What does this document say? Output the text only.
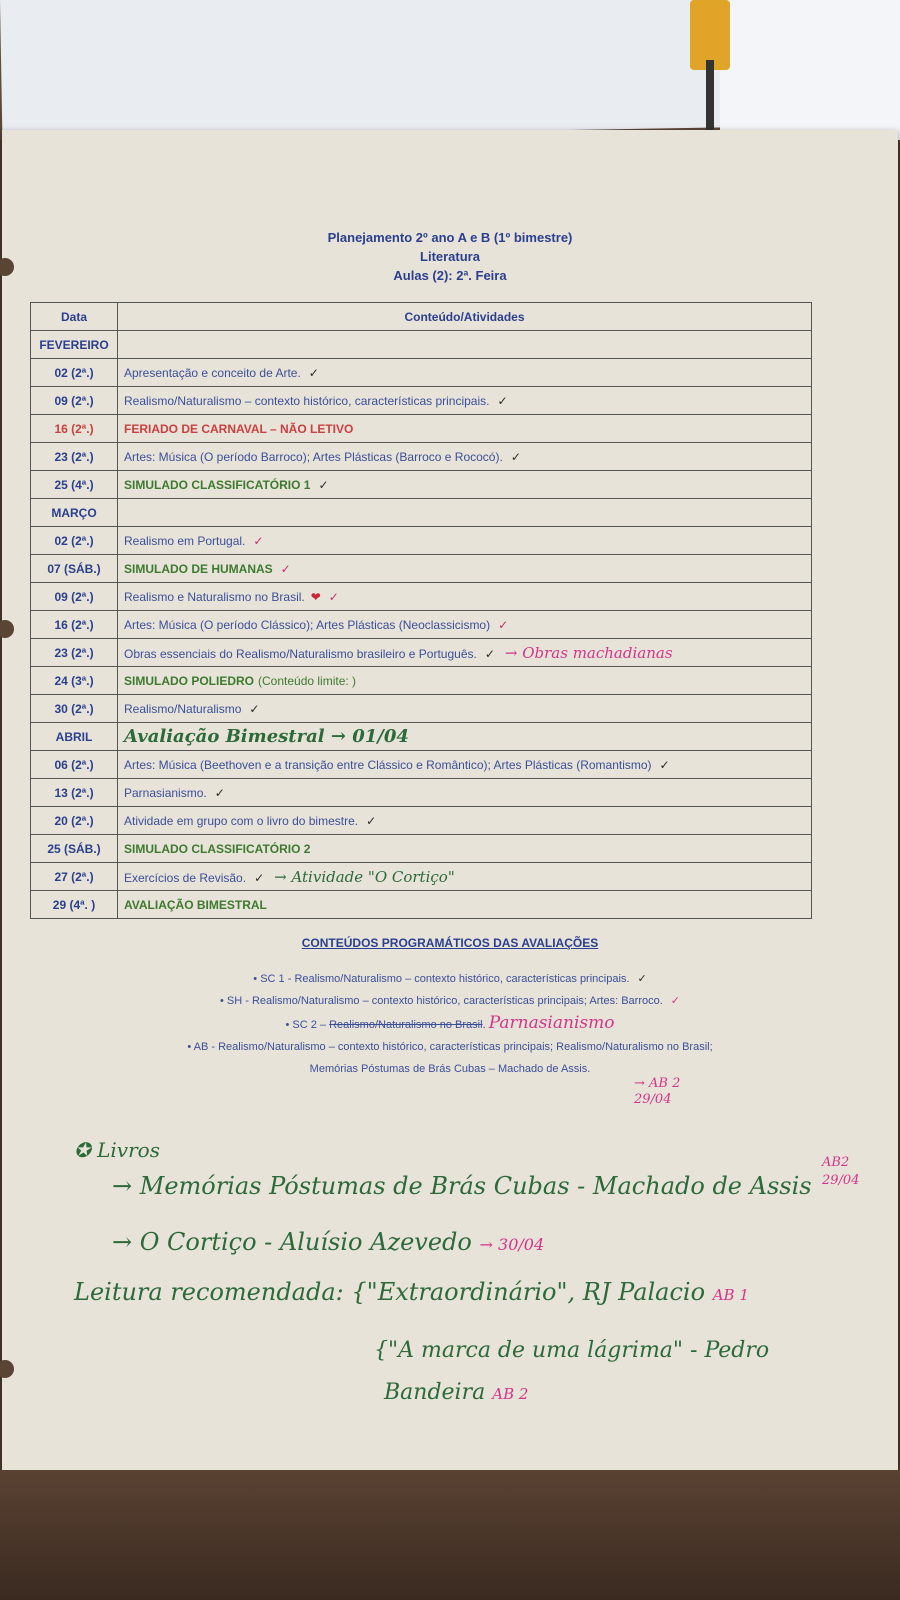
Planejamento 2º ano A e B (1º bimestre)
Literatura
Aulas (2): 2ª. Feira
Data	Conteúdo/Atividades
FEVEREIRO	
02 (2ª.)	Apresentação e conceito de Arte. ✓
09 (2ª.)	Realismo/Naturalismo – contexto histórico, características principais. ✓
16 (2ª.)	FERIADO DE CARNAVAL – NÃO LETIVO
23 (2ª.)	Artes: Música (O período Barroco); Artes Plásticas (Barroco e Rococó). ✓
25 (4ª.)	SIMULADO CLASSIFICATÓRIO 1 ✓
MARÇO	
02 (2ª.)	Realismo em Portugal. ✓
07 (SÁB.)	SIMULADO DE HUMANAS ✓
09 (2ª.)	Realismo e Naturalismo no Brasil. ❤ ✓
16 (2ª.)	Artes: Música (O período Clássico); Artes Plásticas (Neoclassicismo) ✓
23 (2ª.)	Obras essenciais do Realismo/Naturalismo brasileiro e Português. ✓ → Obras machadianas
24 (3ª.)	SIMULADO POLIEDRO (Conteúdo limite: )
30 (2ª.)	Realismo/Naturalismo ✓
ABRIL	Avaliação Bimestral → 01/04
06 (2ª.)	Artes: Música (Beethoven e a transição entre Clássico e Romântico); Artes Plásticas (Romantismo) ✓
13 (2ª.)	Parnasianismo. ✓
20 (2ª.)	Atividade em grupo com o livro do bimestre. ✓
25 (SÁB.)	SIMULADO CLASSIFICATÓRIO 2
27 (2ª.)	Exercícios de Revisão. ✓ → Atividade "O Cortiço"
29 (4ª. )	AVALIAÇÃO BIMESTRAL
CONTEÚDOS PROGRAMÁTICOS DAS AVALIAÇÕES
• SC 1 - Realismo/Naturalismo – contexto histórico, características principais. ✓
• SH - Realismo/Naturalismo – contexto histórico, características principais; Artes: Barroco. ✓
• SC 2 – Realismo/Naturalismo no Brasil. Parnasianismo
• AB - Realismo/Naturalismo – contexto histórico, características principais; Realismo/Naturalismo no Brasil;
Memórias Póstumas de Brás Cubas – Machado de Assis.
→ AB 2
29/04
✪ Livros
→ Memórias Póstumas de Brás Cubas - Machado de Assis
AB2
29/04
→ O Cortiço - Aluísio Azevedo → 30/04
Leitura recomendada: {"Extraordinário", RJ Palacio AB 1
{"A marca de uma lágrima" - Pedro
Bandeira AB 2
